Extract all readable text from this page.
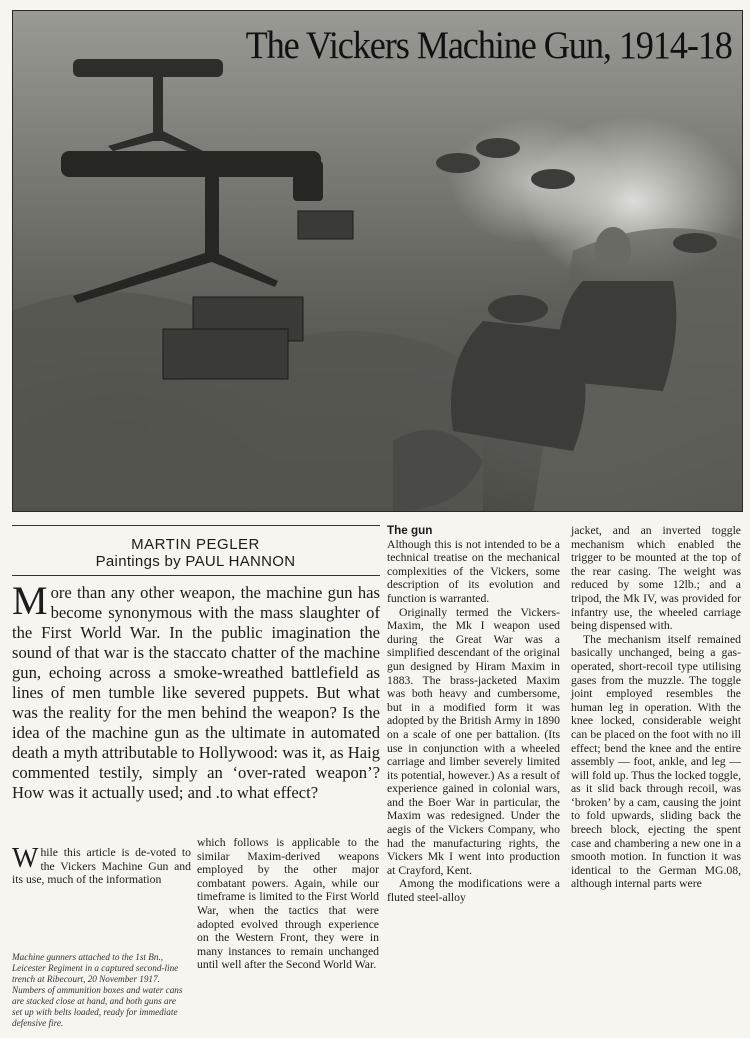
The Vickers Machine Gun, 1914-18
MARTIN PEGLER
Paintings by PAUL HANNON

More than any other weapon, the machine gun has become synonymous with the mass slaughter of the First World War. In the public imagination the sound of that war is the staccato chatter of the machine gun, echoing across a smoke-wreathed battlefield as lines of men tumble like severed puppets. But what was the reality for the men behind the weapon? Is the idea of the machine gun as the ultimate in automated death a myth attributable to Hollywood: was it, as Haig commented testily, simply an ‘over-rated weapon’? How was it actually used; and .to what effect?

While this article is de-voted to the Vickers Machine Gun and its use, much of the information

Machine gunners attached to the 1st Bn., Leicester Regiment in a captured second-line trench at Ribecourt, 20 November 1917. Numbers of ammunition boxes and water cans are stacked close at hand, and both guns are set up with belts loaded, ready for immediate defensive fire.

which follows is applicable to the similar Maxim-derived weapons employed by the other major combatant powers. Again, while our timeframe is limited to the First World War, when the tactics that were adopted evolved through experience on the Western Front, they were in many instances to remain unchanged until well after the Second World War.

The gun

Although this is not intended to be a technical treatise on the mechanical complexities of the Vickers, some description of its evolution and function is warranted.

Originally termed the Vickers-Maxim, the Mk I weapon used during the Great War was a simplified descendant of the original gun designed by Hiram Maxim in 1883. The brass-jacketed Maxim was both heavy and cumbersome, but in a modified form it was adopted by the British Army in 1890 on a scale of one per battalion. (Its use in conjunction with a wheeled carriage and limber severely limited its potential, however.) As a result of experience gained in colonial wars, and the Boer War in particular, the Maxim was redesigned. Under the aegis of the Vickers Company, who had the manufacturing rights, the Vickers Mk I went into production at Crayford, Kent.

Among the modifications were a fluted steel-alloy

jacket, and an inverted toggle mechanism which enabled the trigger to be mounted at the top of the rear casing. The weight was reduced by some 12lb.; and a tripod, the Mk IV, was provided for infantry use, the wheeled carriage being dispensed with.

The mechanism itself remained basically unchanged, being a gas-operated, short-recoil type utilising gases from the muzzle. The toggle joint employed resembles the human leg in operation. With the knee locked, considerable weight can be placed on the foot with no ill effect; bend the knee and the entire assembly — foot, ankle, and leg — will fold up. Thus the locked toggle, as it slid back through recoil, was ‘broken’ by a cam, causing the joint to fold upwards, sliding back the breech block, ejecting the spent case and chambering a new one in a smooth motion. In function it was identical to the German MG.08, although internal parts were
